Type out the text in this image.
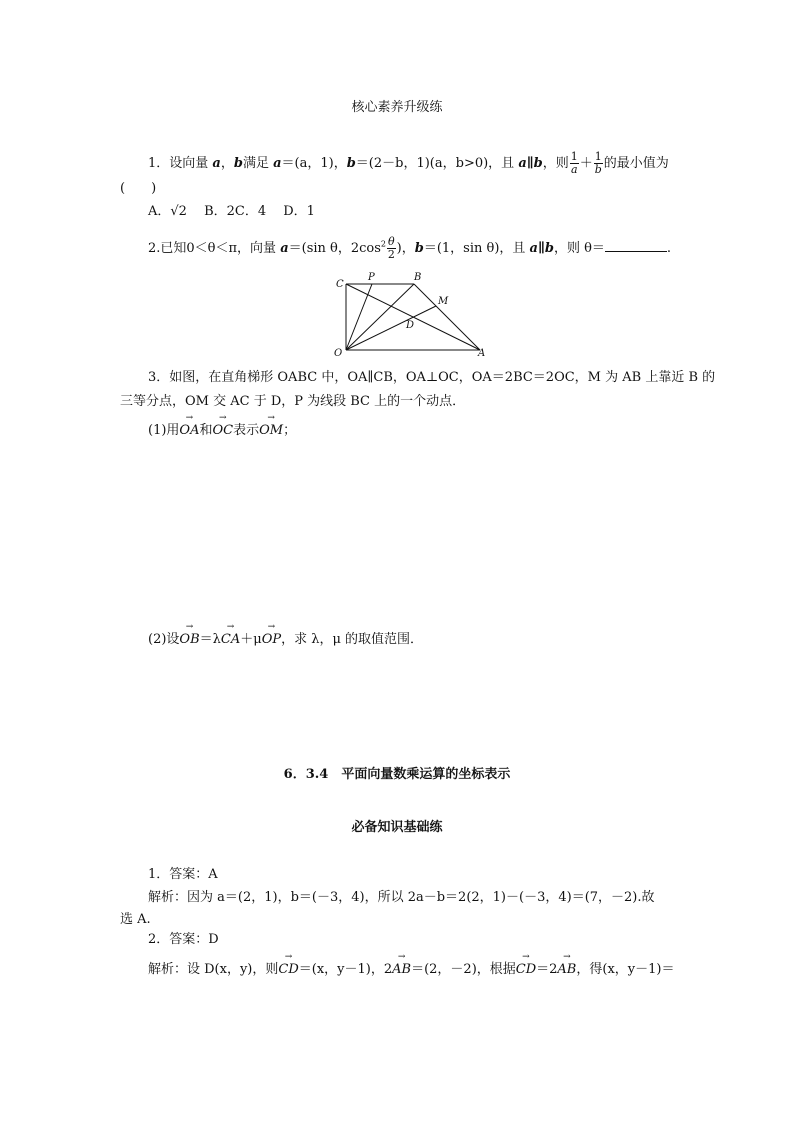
核心素养升级练
1．设向量 a，b满足 a＝(a，1)，b＝(2－b，1)(a，b>0)，且 a∥b，则 $\frac{1}{a} + \frac{1}{b}$ 的最小值为
(　　)
A．√2　 B．2C．4　 D．1
2.已知0＜θ＜π，向量 a＝(sin θ，$2\cos^2 \frac{\theta}{2}$ )，b＝(1，sin θ)，且 a∥b，则 θ＝	.
C
P	B
M
D
O	A
3．如图，在直角梯形 OABC 中，OA∥CB，OA⊥OC，OA＝2BC＝2OC，M 为 AB 上靠近 B 的
三等分点，OM 交 AC 于 D，P 为线段 BC 上的一个动点．
(1)用→ OA和→ OC表示→ OM；
(2)设→ OB＝λ→ CA＋μ→ OP，求 λ，μ 的取值范围．
6．3.4　平面向量数乘运算的坐标表示
必备知识基础练
1．答案：A
解析：因为 a＝(2，1)，b＝(－3，4)，所以 2a－b＝2(2，1)－(－3，4)＝(7，－2).故
选 A.
2．答案：D
解析：设 D(x，y)，则→ CD＝(x，y－1)，2→ AB＝(2，－2)，根据→ CD＝2→ AB，得(x，y－1)＝
